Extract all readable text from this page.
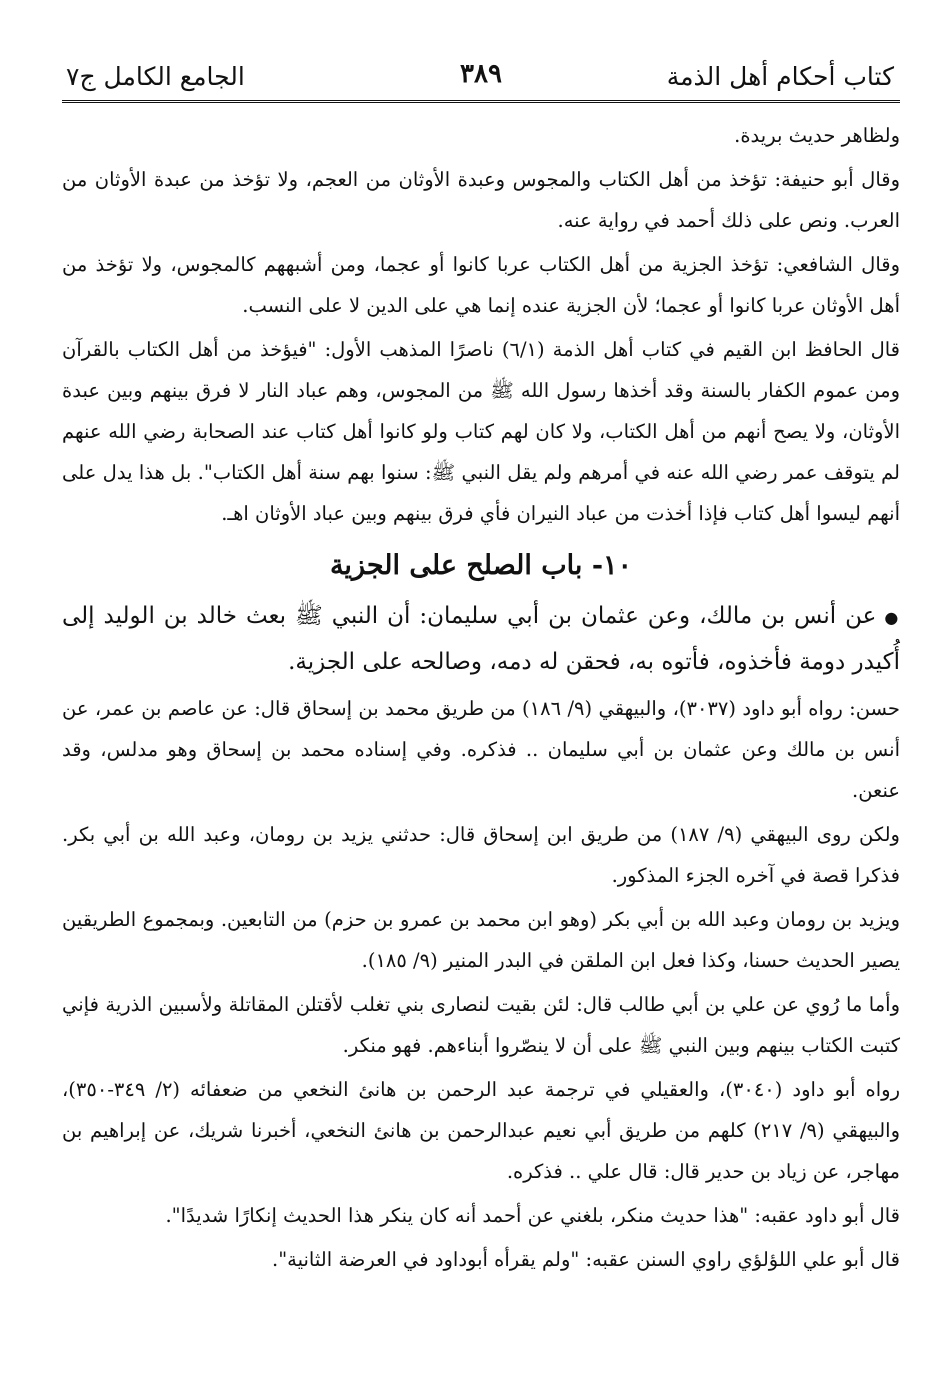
كتاب أحكام أهل الذمة
٣٨٩
الجامع الكامل ج٧

ولظاهر حديث بريدة.

وقال أبو حنيفة: تؤخذ من أهل الكتاب والمجوس وعبدة الأوثان من العجم، ولا تؤخذ من عبدة الأوثان من العرب. ونص على ذلك أحمد في رواية عنه.

وقال الشافعي: تؤخذ الجزية من أهل الكتاب عربا كانوا أو عجما، ومن أشبههم كالمجوس، ولا تؤخذ من أهل الأوثان عربا كانوا أو عجما؛ لأن الجزية عنده إنما هي على الدين لا على النسب.

قال الحافظ ابن القيم في كتاب أهل الذمة (٦/١) ناصرًا المذهب الأول: "فيؤخذ من أهل الكتاب بالقرآن ومن عموم الكفار بالسنة وقد أخذها رسول الله ﷺ من المجوس، وهم عباد النار لا فرق بينهم وبين عبدة الأوثان، ولا يصح أنهم من أهل الكتاب، ولا كان لهم كتاب ولو كانوا أهل كتاب عند الصحابة رضي الله عنهم لم يتوقف عمر رضي الله عنه في أمرهم ولم يقل النبي ﷺ: سنوا بهم سنة أهل الكتاب". بل هذا يدل على أنهم ليسوا أهل كتاب فإذا أخذت من عباد النيران فأي فرق بينهم وبين عباد الأوثان اهـ.

١٠- باب الصلح على الجزية

●عن أنس بن مالك، وعن عثمان بن أبي سليمان: أن النبي ﷺ بعث خالد بن الوليد إلى أُكيدر دومة فأخذوه، فأتوه به، فحقن له دمه، وصالحه على الجزية.

حسن: رواه أبو داود (٣٠٣٧)، والبيهقي (٩/ ١٨٦) من طريق محمد بن إسحاق قال: عن عاصم بن عمر، عن أنس بن مالك وعن عثمان بن أبي سليمان .. فذكره. وفي إسناده محمد بن إسحاق وهو مدلس، وقد عنعن.

ولكن روى البيهقي (٩/ ١٨٧) من طريق ابن إسحاق قال: حدثني يزيد بن رومان، وعبد الله بن أبي بكر. فذكرا قصة في آخره الجزء المذكور.

ويزيد بن رومان وعبد الله بن أبي بكر (وهو ابن محمد بن عمرو بن حزم) من التابعين. وبمجموع الطريقين يصير الحديث حسنا، وكذا فعل ابن الملقن في البدر المنير (٩/ ١٨٥).

وأما ما رُوي عن علي بن أبي طالب قال: لئن بقيت لنصارى بني تغلب لأقتلن المقاتلة ولأسبين الذرية فإني كتبت الكتاب بينهم وبين النبي ﷺ على أن لا ينصّروا أبناءهم. فهو منكر.

رواه أبو داود (٣٠٤٠)، والعقيلي في ترجمة عبد الرحمن بن هانئ النخعي من ضعفائه (٢/ ٣٤٩-٣٥٠)، والبيهقي (٩/ ٢١٧) كلهم من طريق أبي نعيم عبدالرحمن بن هانئ النخعي، أخبرنا شريك، عن إبراهيم بن مهاجر، عن زياد بن حدير قال: قال علي .. فذكره.

قال أبو داود عقبه: "هذا حديث منكر، بلغني عن أحمد أنه كان ينكر هذا الحديث إنكارًا شديدًا".

قال أبو علي اللؤلؤي راوي السنن عقبه: "ولم يقرأه أبوداود في العرضة الثانية".
